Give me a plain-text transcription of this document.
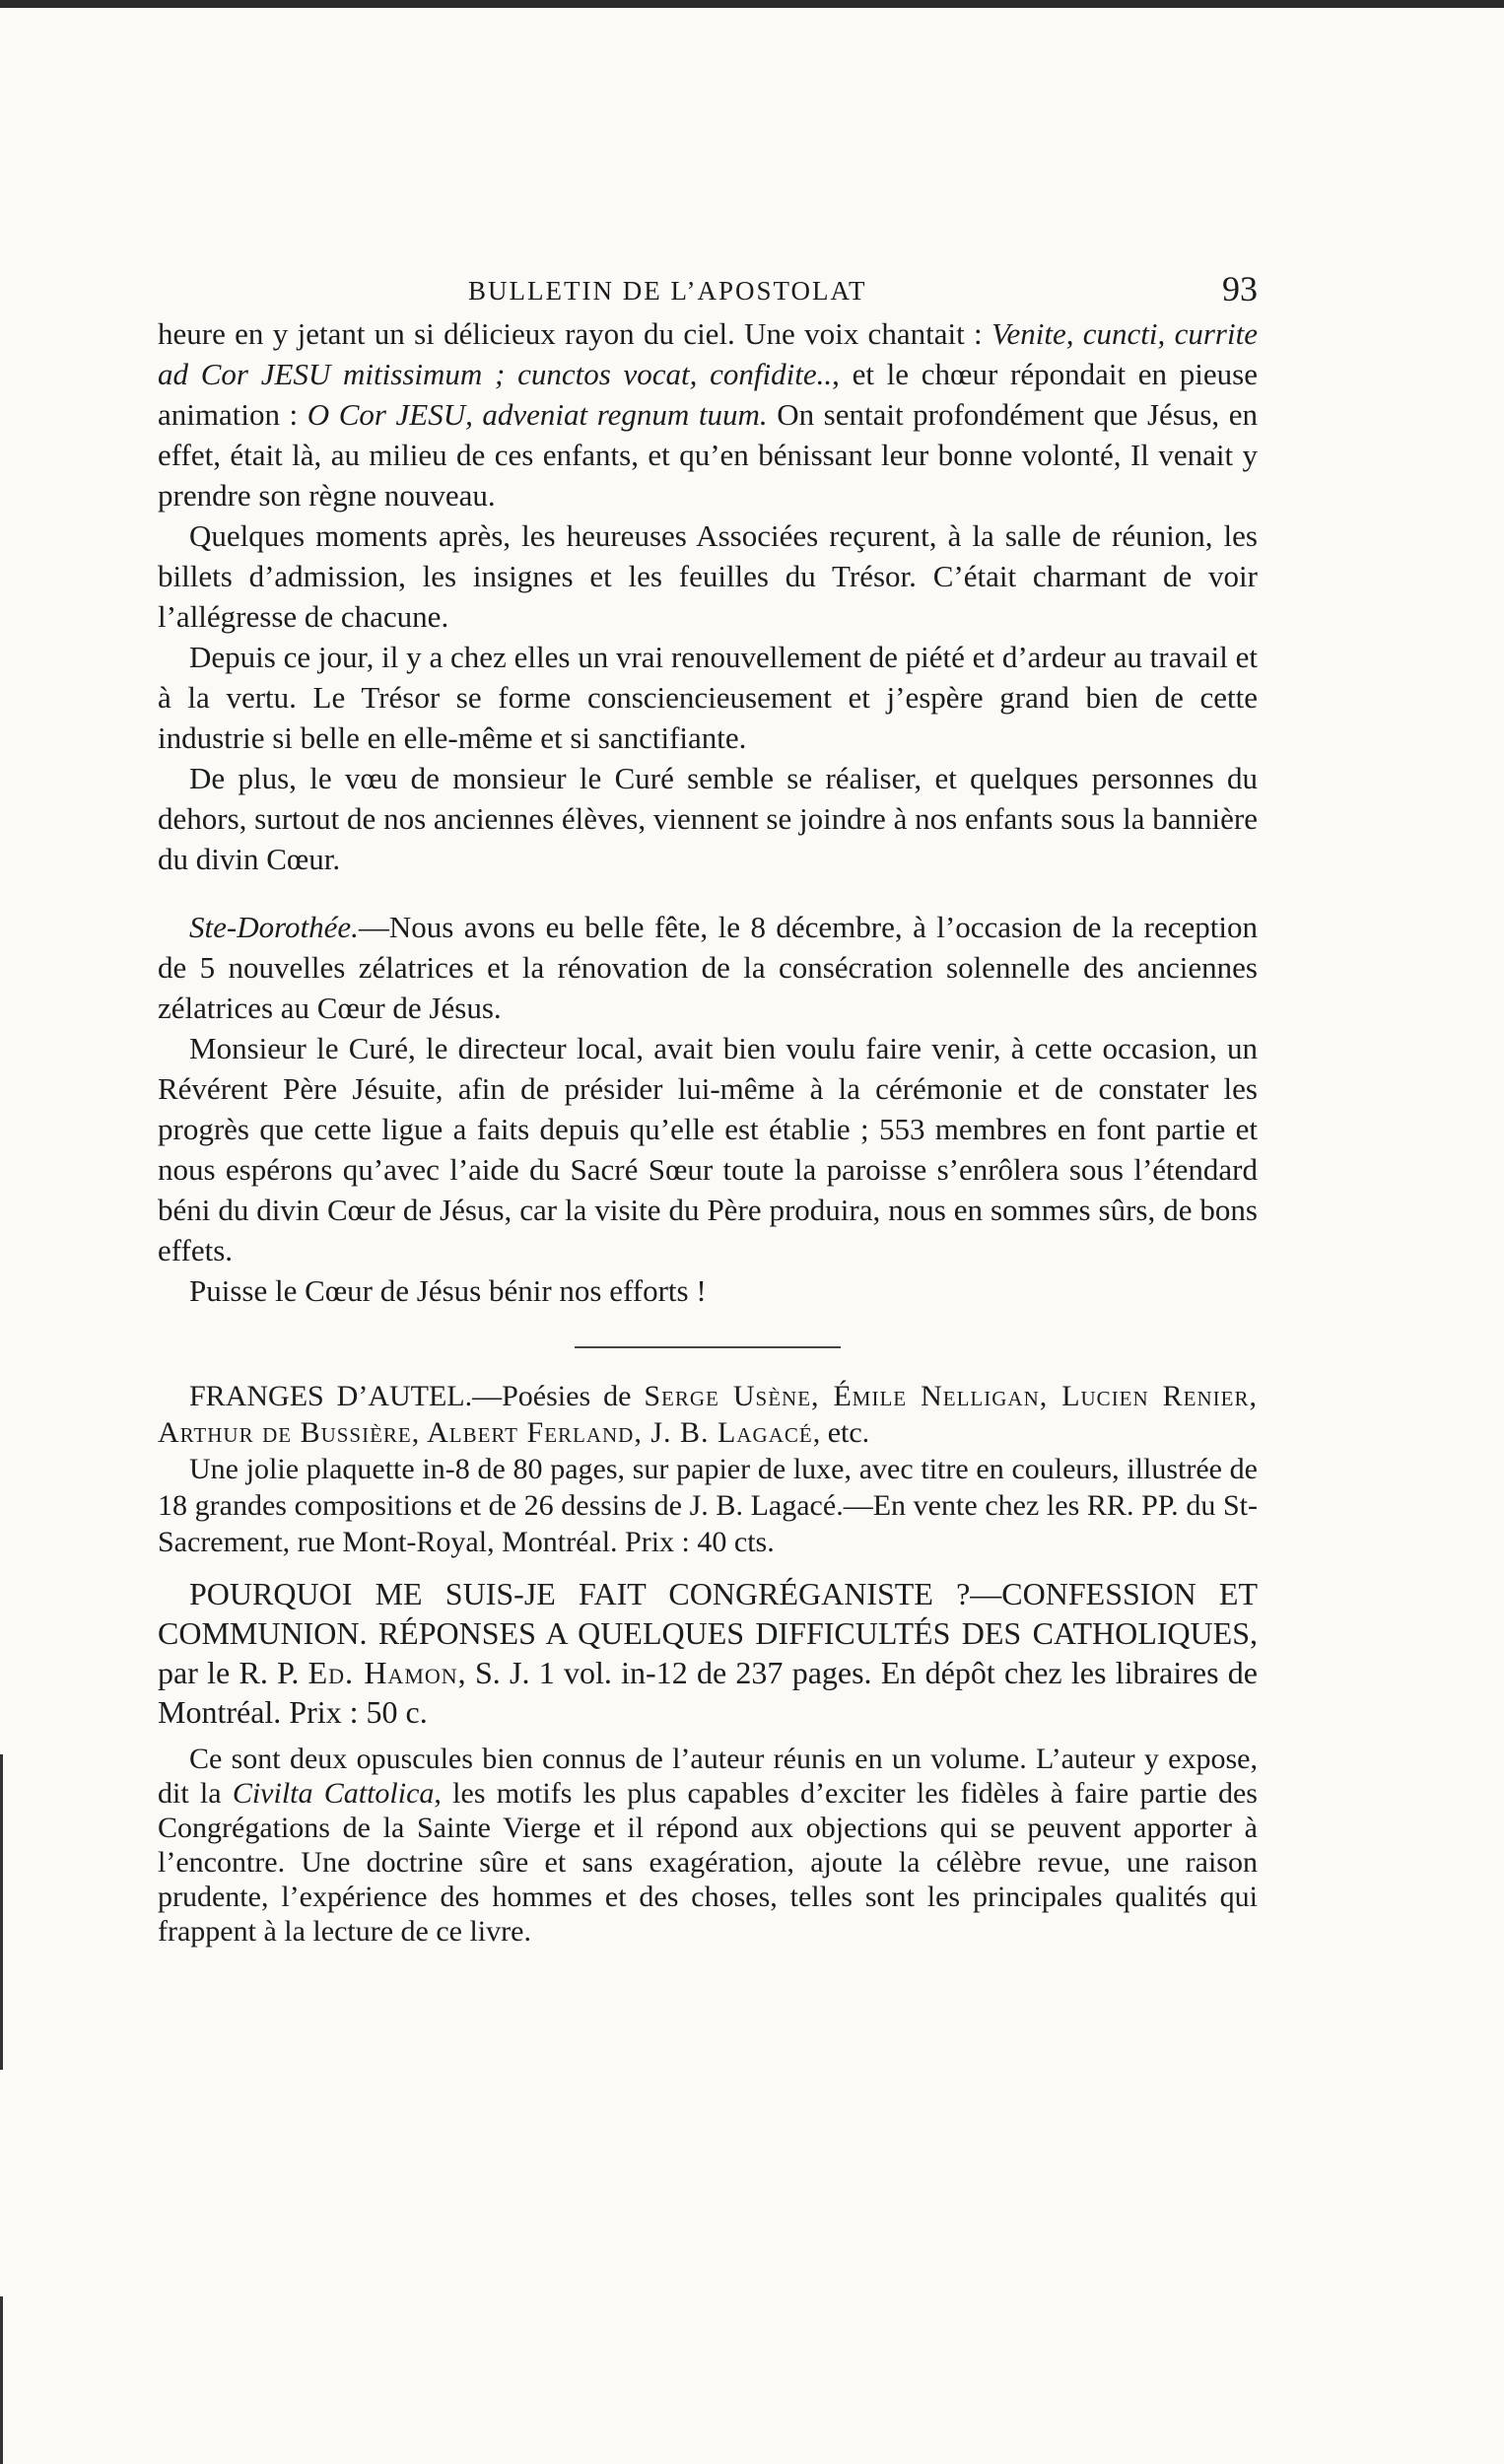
BULLETIN DE L’APOSTOLAT	93

heure en y jetant un si délicieux rayon du ciel. Une voix chantait : Venite, cuncti, currite ad Cor JESU mitissimum ; cunctos vocat, confidite.., et le chœur répondait en pieuse animation : O Cor JESU, adveniat regnum tuum. On sentait profondément que Jésus, en effet, était là, au milieu de ces enfants, et qu’en bénissant leur bonne volonté, Il venait y prendre son règne nouveau.

Quelques moments après, les heureuses Associées reçurent, à la salle de réunion, les billets d’admission, les insignes et les feuilles du Trésor. C’était charmant de voir l’allégresse de chacune.

Depuis ce jour, il y a chez elles un vrai renouvellement de piété et d’ardeur au travail et à la vertu. Le Trésor se forme consciencieusement et j’espère grand bien de cette industrie si belle en elle-même et si sanctifiante.

De plus, le vœu de monsieur le Curé semble se réaliser, et quelques personnes du dehors, surtout de nos anciennes élèves, viennent se joindre à nos enfants sous la bannière du divin Cœur.

Ste-Dorothée.—Nous avons eu belle fête, le 8 décembre, à l’occasion de la reception de 5 nouvelles zélatrices et la rénovation de la consécration solennelle des anciennes zélatrices au Cœur de Jésus.

Monsieur le Curé, le directeur local, avait bien voulu faire venir, à cette occasion, un Révérent Père Jésuite, afin de présider lui-même à la cérémonie et de constater les progrès que cette ligue a faits depuis qu’elle est établie ; 553 membres en font partie et nous espérons qu’avec l’aide du Sacré Sœur toute la paroisse s’enrôlera sous l’étendard béni du divin Cœur de Jésus, car la visite du Père produira, nous en sommes sûrs, de bons effets.

Puisse le Cœur de Jésus bénir nos efforts !

FRANGES D’AUTEL.—Poésies de Serge Usène, Émile Nelligan, Lucien Renier, Arthur de Bussière, Albert Ferland, J. B. Lagacé, etc.

Une jolie plaquette in-8 de 80 pages, sur papier de luxe, avec titre en couleurs, illustrée de 18 grandes compositions et de 26 dessins de J. B. Lagacé.—En vente chez les RR. PP. du St-Sacrement, rue Mont-Royal, Montréal. Prix : 40 cts.

POURQUOI ME SUIS-JE FAIT CONGRÉGANISTE ?—CONFESSION ET COMMUNION. RÉPONSES A QUELQUES DIFFICULTÉS DES CATHOLIQUES, par le R. P. Ed. Hamon, S. J. 1 vol. in-12 de 237 pages. En dépôt chez les libraires de Montréal. Prix : 50 c.

Ce sont deux opuscules bien connus de l’auteur réunis en un volume. L’auteur y expose, dit la Civilta Cattolica, les motifs les plus capables d’exciter les fidèles à faire partie des Congrégations de la Sainte Vierge et il répond aux objections qui se peuvent apporter à l’encontre. Une doctrine sûre et sans exagération, ajoute la célèbre revue, une raison prudente, l’expérience des hommes et des choses, telles sont les principales qualités qui frappent à la lecture de ce livre.
